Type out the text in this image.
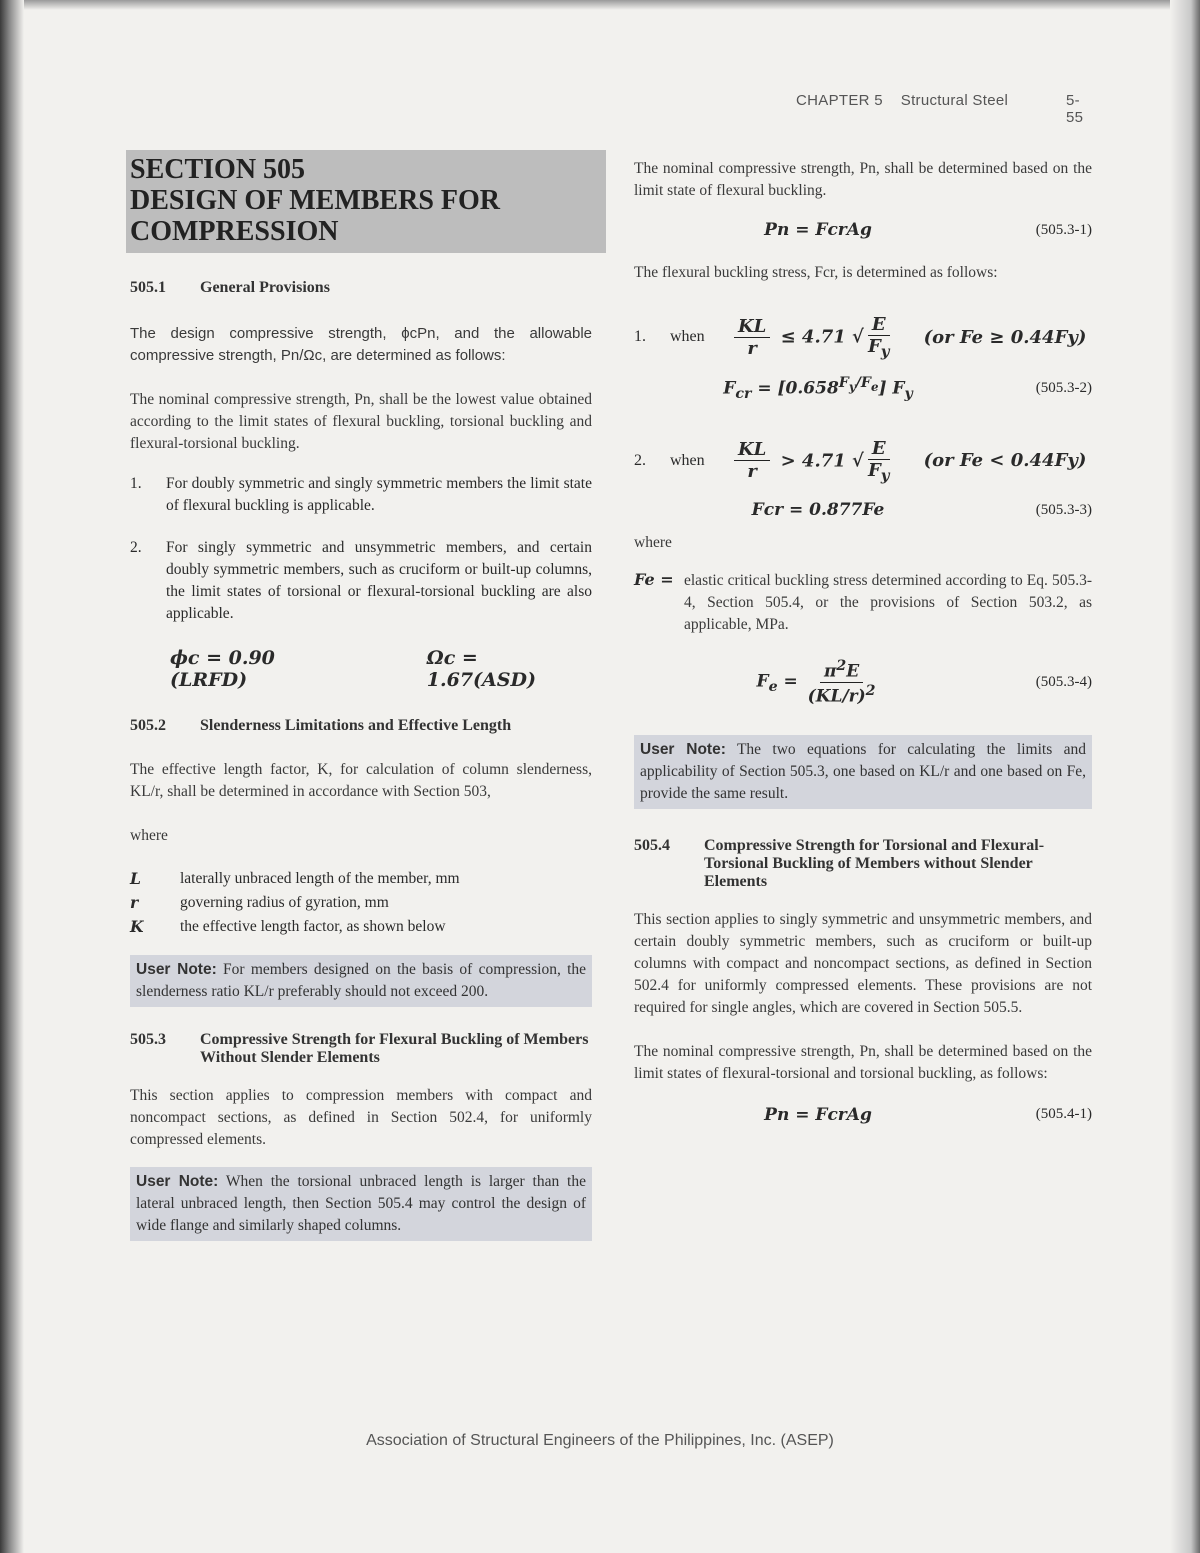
CHAPTER 5 Structural Steel	5-55
SECTION 505
DESIGN OF MEMBERS FOR
COMPRESSION
505.1	General Provisions

The design compressive strength, ϕcPn, and the allowable compressive strength, Pn/Ωc, are determined as follows:

The nominal compressive strength, Pn, shall be the lowest value obtained according to the limit states of flexural buckling, torsional buckling and flexural-torsional buckling.

1.	For doubly symmetric and singly symmetric members the limit state of flexural buckling is applicable.
2.	For singly symmetric and unsymmetric members, and certain doubly symmetric members, such as cruciform or built-up columns, the limit states of torsional or flexural-torsional buckling are also applicable.
ϕc = 0.90 (LRFD)
Ωc = 1.67(ASD)
505.2	Slenderness Limitations and Effective Length

The effective length factor, K, for calculation of column slenderness, KL/r, shall be determined in accordance with Section 503,

where

L	laterally unbraced length of the member, mm
r	governing radius of gyration, mm
K	the effective length factor, as shown below
User Note: For members designed on the basis of compression, the slenderness ratio KL/r preferably should not exceed 200.
505.3	Compressive Strength for Flexural Buckling of Members Without Slender Elements

This section applies to compression members with compact and noncompact sections, as defined in Section 502.4, for uniformly compressed elements.

User Note: When the torsional unbraced length is larger than the lateral unbraced length, then Section 505.4 may control the design of wide flange and similarly shaped columns.

The nominal compressive strength, Pn, shall be determined based on the limit state of flexural buckling.

Pn = FcrAg	(505.3-1)

The flexural buckling stress, Fcr, is determined as follows:

1.	when	$\frac{KL}{r} \le 4.71$ √ $\frac{E}{F_y} (or$ Fe ≥ 0.44Fy)
$F_{cr} = [0.658^{F_y/F_e}]$ $F_y$	(505.3-2)
2.	when	$\frac{KL}{r} > 4.71$ √ $\frac{E}{F_y} (or$ Fe < 0.44Fy)
Fcr = 0.877Fe	(505.3-3)

where

Fe = elastic critical buckling stress determined according to Eq. 505.3-4, Section 505.4, or the provisions of Section 503.2, as applicable, MPa.

$F_e = \frac{\pi^2E}{(KL/r)^2}$	(505.3-4)
User Note: The two equations for calculating the limits and applicability of Section 505.3, one based on KL/r and one based on Fe, provide the same result.
505.4	Compressive Strength for Torsional and Flexural-Torsional Buckling of Members without Slender Elements

This section applies to singly symmetric and unsymmetric members, and certain doubly symmetric members, such as cruciform or built-up columns with compact and noncompact sections, as defined in Section 502.4 for uniformly compressed elements. These provisions are not required for single angles, which are covered in Section 505.5.

The nominal compressive strength, Pn, shall be determined based on the limit states of flexural-torsional and torsional buckling, as follows:

Pn = FcrAg	(505.4-1)
Association of Structural Engineers of the Philippines, Inc. (ASEP)
